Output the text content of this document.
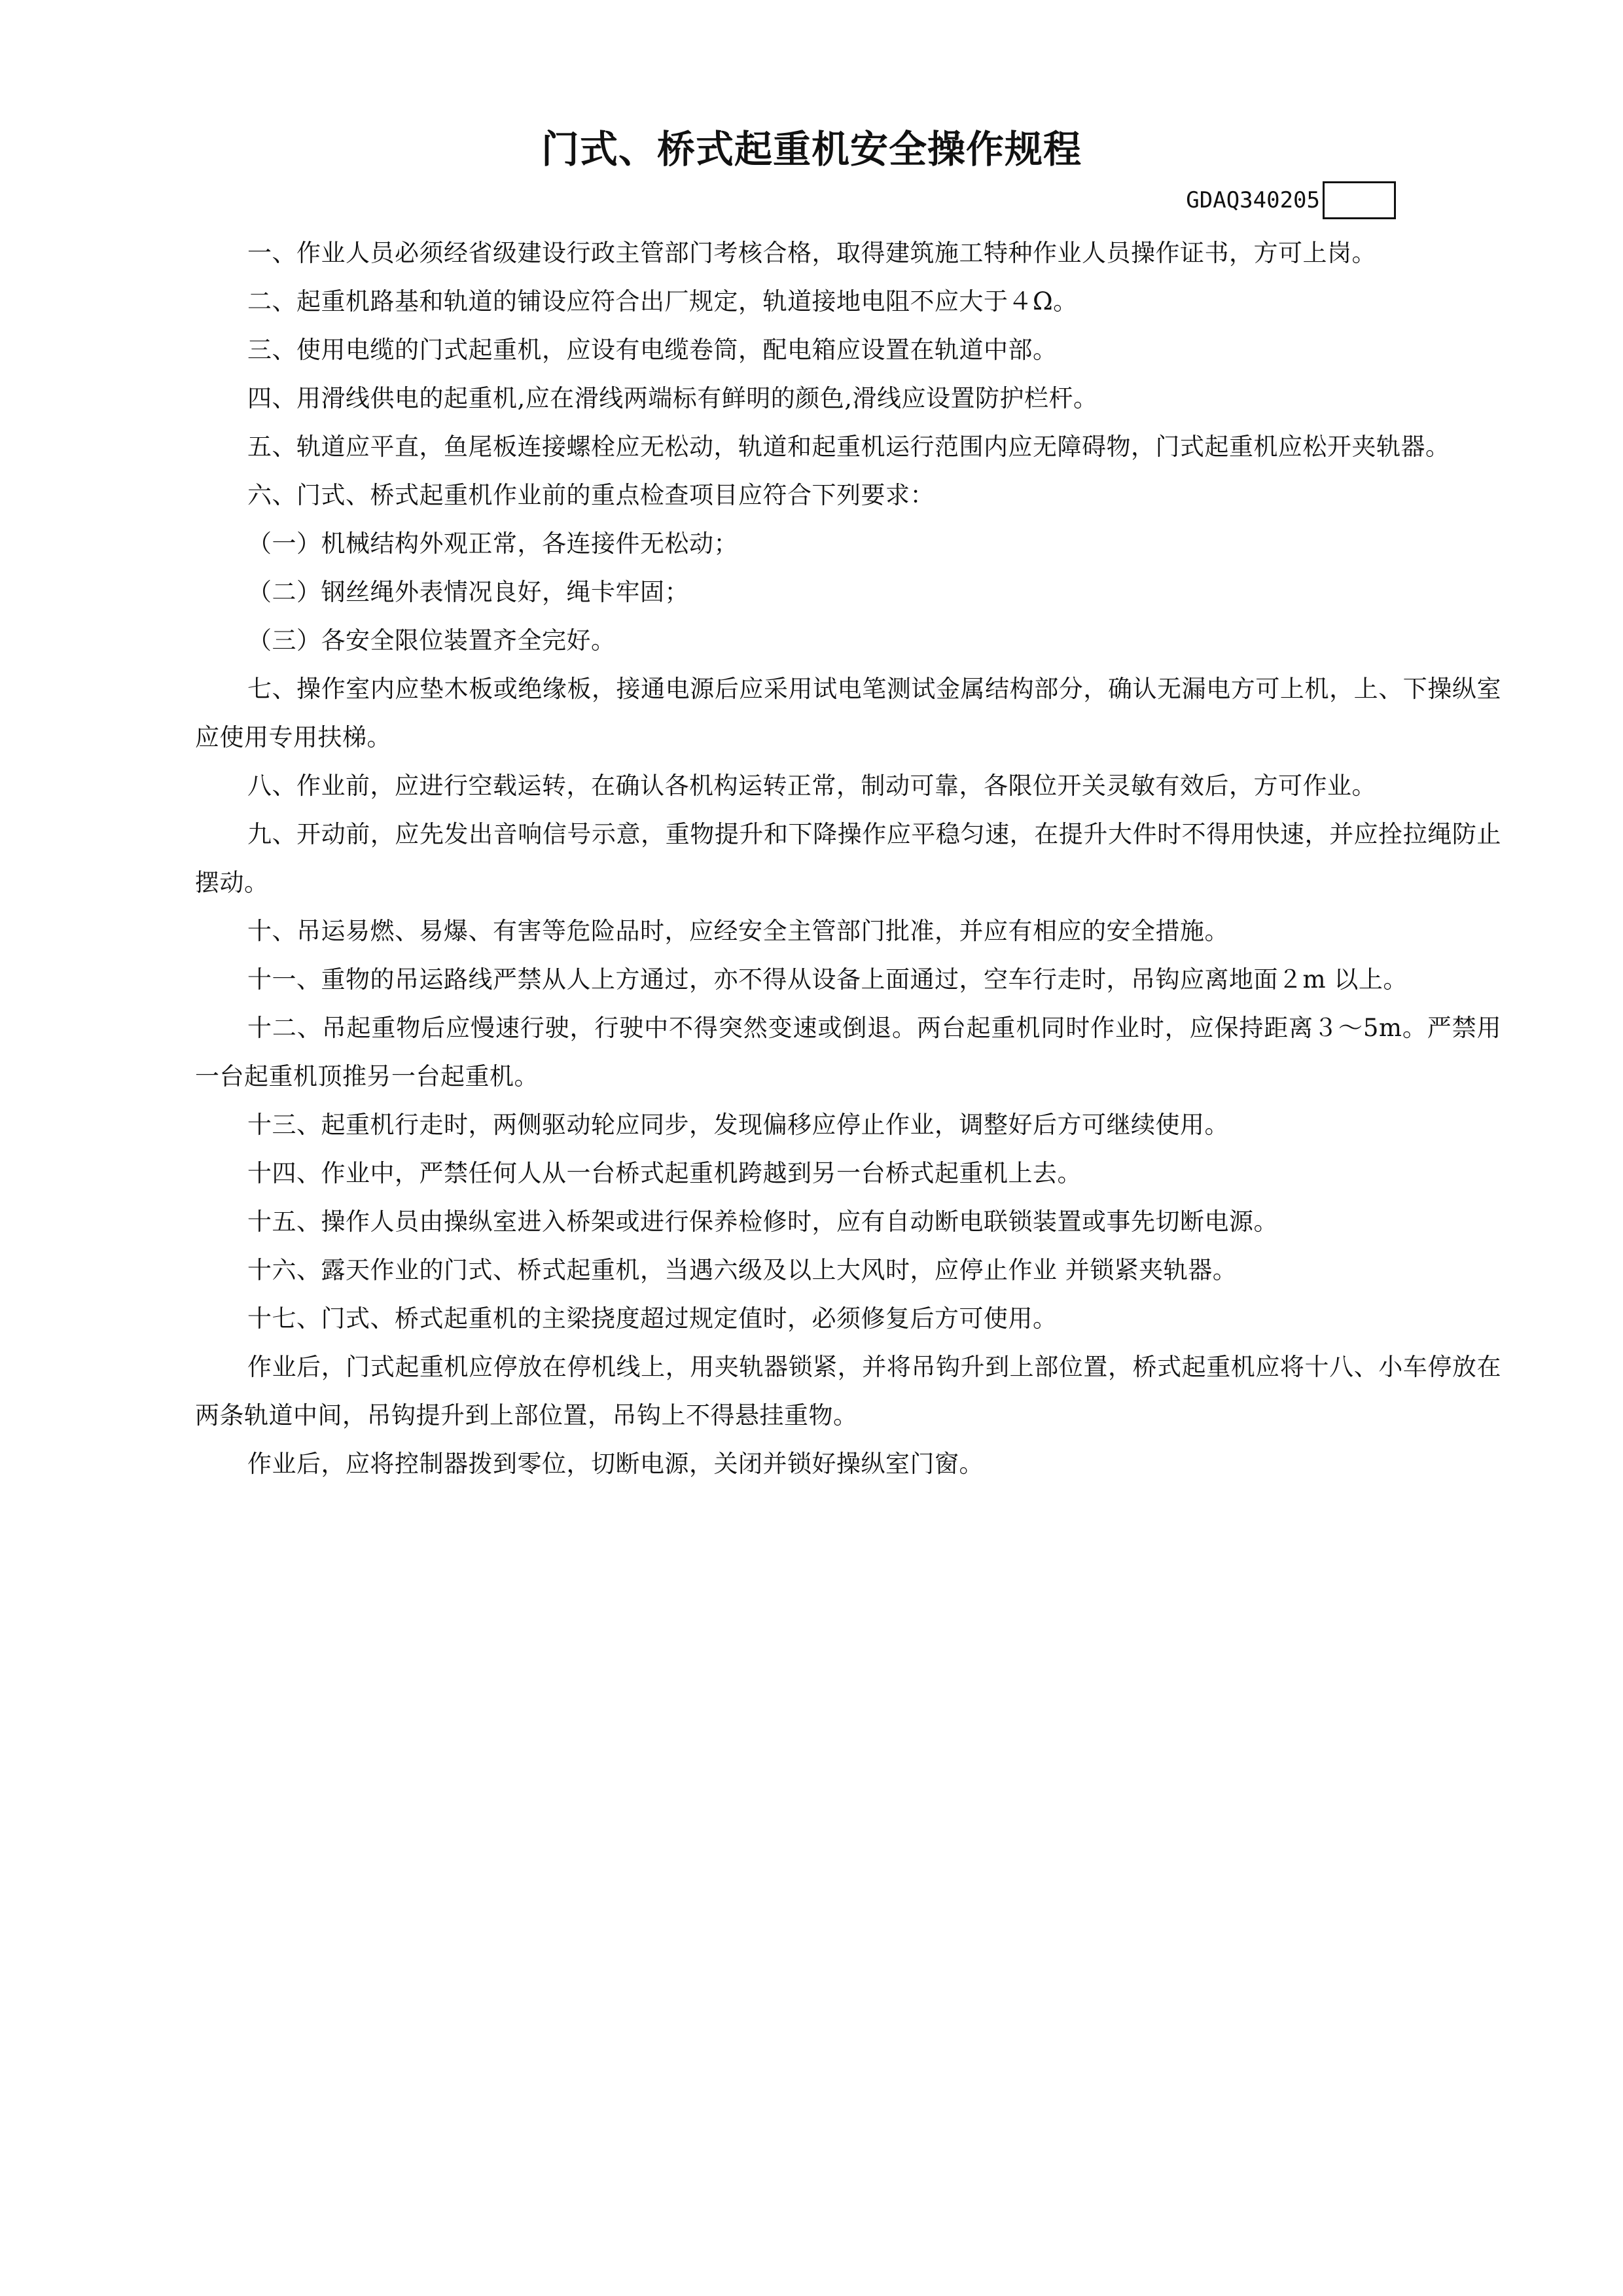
门式、桥式起重机安全操作规程
GDAQ340205

一、作业人员必须经省级建设行政主管部门考核合格，取得建筑施工特种作业人员操作证书，方可上岗。

二、起重机路基和轨道的铺设应符合出厂规定，轨道接地电阻不应大于４Ω。

三、使用电缆的门式起重机，应设有电缆卷筒，配电箱应设置在轨道中部。

四、用滑线供电的起重机,应在滑线两端标有鲜明的颜色,滑线应设置防护栏杆。

五、轨道应平直，鱼尾板连接螺栓应无松动，轨道和起重机运行范围内应无障碍物，门式起重机应松开夹轨器。

六、门式、桥式起重机作业前的重点检查项目应符合下列要求：

（一）机械结构外观正常，各连接件无松动；

（二）钢丝绳外表情况良好，绳卡牢固；

（三）各安全限位装置齐全完好。

七、操作室内应垫木板或绝缘板，接通电源后应采用试电笔测试金属结构部分，确认无漏电方可上机，上、下操纵室应使用专用扶梯。

八、作业前，应进行空载运转，在确认各机构运转正常，制动可靠，各限位开关灵敏有效后，方可作业。

九、开动前，应先发出音响信号示意，重物提升和下降操作应平稳匀速，在提升大件时不得用快速，并应拴拉绳防止摆动。

十、吊运易燃、易爆、有害等危险品时，应经安全主管部门批准，并应有相应的安全措施。

十一、重物的吊运路线严禁从人上方通过，亦不得从设备上面通过，空车行走时，吊钩应离地面２m 以上。

十二、吊起重物后应慢速行驶，行驶中不得突然变速或倒退。两台起重机同时作业时，应保持距离３～5m。严禁用一台起重机顶推另一台起重机。

十三、起重机行走时，两侧驱动轮应同步，发现偏移应停止作业，调整好后方可继续使用。

十四、作业中，严禁任何人从一台桥式起重机跨越到另一台桥式起重机上去。

十五、操作人员由操纵室进入桥架或进行保养检修时，应有自动断电联锁装置或事先切断电源。

十六、露天作业的门式、桥式起重机，当遇六级及以上大风时，应停止作业 并锁紧夹轨器。

十七、门式、桥式起重机的主梁挠度超过规定值时，必须修复后方可使用。

作业后，门式起重机应停放在停机线上，用夹轨器锁紧，并将吊钩升到上部位置，桥式起重机应将十八、小车停放在两条轨道中间，吊钩提升到上部位置，吊钩上不得悬挂重物。

作业后，应将控制器拨到零位，切断电源，关闭并锁好操纵室门窗。
